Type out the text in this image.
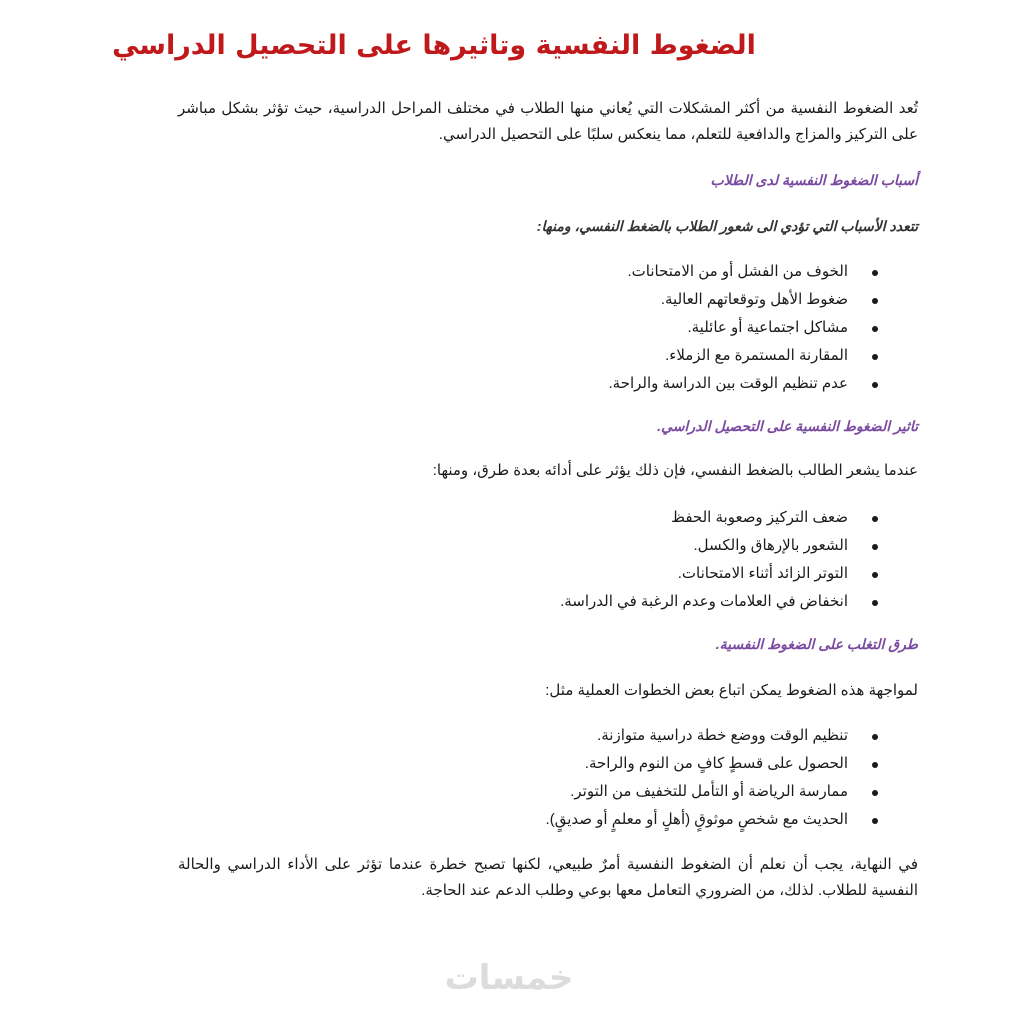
الضغوط النفسية وتاثيرها على التحصيل الدراسي
تُعد الضغوط النفسية من أكثر المشكلات التي يُعاني منها الطلاب في مختلف المراحل الدراسية، حيث تؤثر بشكل مباشر على التركيز والمزاج والدافعية للتعلم، مما ينعكس سلبًا على التحصيل الدراسي.
أسباب الضغوط النفسية لدى الطلاب
تتعدد الأسباب التي تؤدي الى شعور الطلاب بالضغط النفسي، ومنها:
الخوف من الفشل أو من الامتحانات.
ضغوط الأهل وتوقعاتهم العالية.
مشاكل اجتماعية أو عائلية.
المقارنة المستمرة مع الزملاء.
عدم تنظيم الوقت بين الدراسة والراحة.
تاثير الضغوط النفسية على التحصيل الدراسي.
عندما يشعر الطالب بالضغط النفسي، فإن ذلك يؤثر على أدائه بعدة طرق، ومنها:
ضعف التركيز وصعوبة الحفظ
الشعور بالإرهاق والكسل.
التوتر الزائد أثناء الامتحانات.
انخفاض في العلامات وعدم الرغبة في الدراسة.
طرق التغلب على الضغوط النفسية.
لمواجهة هذه الضغوط يمكن اتباع بعض الخطوات العملية مثل:
تنظيم الوقت ووضع خطة دراسية متوازنة.
الحصول على قسطٍ كافٍ من النوم والراحة.
ممارسة الرياضة أو التأمل للتخفيف من التوتر.
الحديث مع شخصٍ موثوقٍ (أهلٍ أو معلمٍ أو صديقٍ).
في النهاية، يجب أن نعلم أن الضغوط النفسية أمرٌ طبيعي، لكنها تصبح خطرة عندما تؤثر على الأداء الدراسي والحالة النفسية للطلاب. لذلك، من الضروري التعامل معها بوعي وطلب الدعم عند الحاجة.
خمسات
